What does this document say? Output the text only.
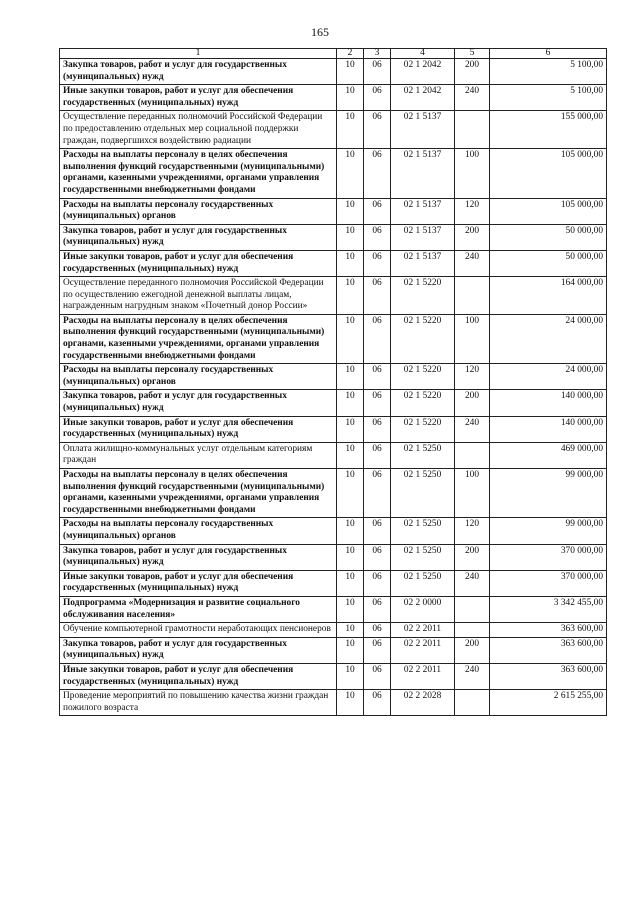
165
1	2	3	4	5	6
Закупка товаров, работ и услуг для государственных (муниципальных) нужд	10	06	02 1 2042	200	5 100,00
Иные закупки товаров, работ и услуг для обеспечения государственных (муниципальных) нужд	10	06	02 1 2042	240	5 100,00
Осуществление переданных полномочий Российской Федерации по предоставлению отдельных мер социальной поддержки граждан, подвергшихся воздействию радиации	10	06	02 1 5137		155 000,00
Расходы на выплаты персоналу в целях обеспечения выполнения функций государственными (муниципальными) органами, казенными учреждениями, органами управления государственными внебюджетными фондами	10	06	02 1 5137	100	105 000,00
Расходы на выплаты персоналу государственных (муниципальных) органов	10	06	02 1 5137	120	105 000,00
Закупка товаров, работ и услуг для государственных (муниципальных) нужд	10	06	02 1 5137	200	50 000,00
Иные закупки товаров, работ и услуг для обеспечения государственных (муниципальных) нужд	10	06	02 1 5137	240	50 000,00
Осуществление переданного полномочия Российской Федерации по осуществлению ежегодной денежной выплаты лицам, награжденным нагрудным знаком «Почетный донор России»	10	06	02 1 5220		164 000,00
Расходы на выплаты персоналу в целях обеспечения выполнения функций государственными (муниципальными) органами, казенными учреждениями, органами управления государственными внебюджетными фондами	10	06	02 1 5220	100	24 000,00
Расходы на выплаты персоналу государственных (муниципальных) органов	10	06	02 1 5220	120	24 000,00
Закупка товаров, работ и услуг для государственных (муниципальных) нужд	10	06	02 1 5220	200	140 000,00
Иные закупки товаров, работ и услуг для обеспечения государственных (муниципальных) нужд	10	06	02 1 5220	240	140 000,00
Оплата жилищно-коммунальных услуг отдельным категориям граждан	10	06	02 1 5250		469 000,00
Расходы на выплаты персоналу в целях обеспечения выполнения функций государственными (муниципальными) органами, казенными учреждениями, органами управления государственными внебюджетными фондами	10	06	02 1 5250	100	99 000,00
Расходы на выплаты персоналу государственных (муниципальных) органов	10	06	02 1 5250	120	99 000,00
Закупка товаров, работ и услуг для государственных (муниципальных) нужд	10	06	02 1 5250	200	370 000,00
Иные закупки товаров, работ и услуг для обеспечения государственных (муниципальных) нужд	10	06	02 1 5250	240	370 000,00
Подпрограмма «Модернизация и развитие социального обслуживания населения»	10	06	02 2 0000		3 342 455,00
Обучение компьютерной грамотности неработающих пенсионеров	10	06	02 2 2011		363 600,00
Закупка товаров, работ и услуг для государственных (муниципальных) нужд	10	06	02 2 2011	200	363 600,00
Иные закупки товаров, работ и услуг для обеспечения государственных (муниципальных) нужд	10	06	02 2 2011	240	363 600,00
Проведение мероприятий по повышению качества жизни граждан пожилого возраста	10	06	02 2 2028		2 615 255,00
